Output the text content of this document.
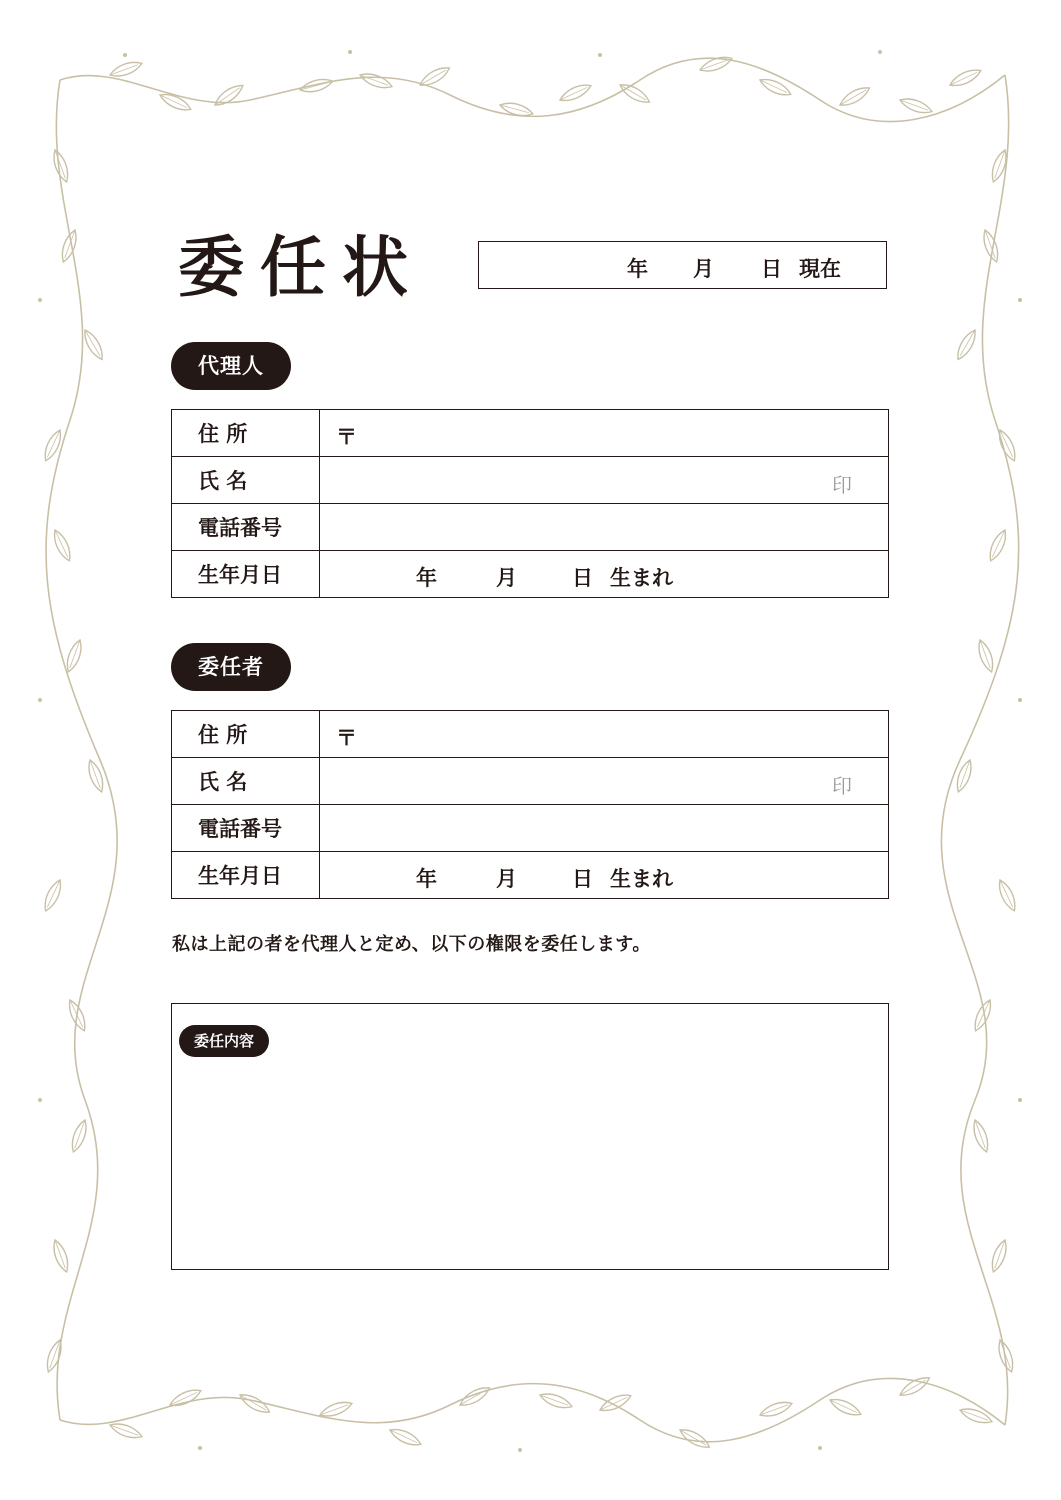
委任状	年 月 日 現在
代理人
住 所	〒

氏 名	印

電話番号	
生年月日	年 月 日 生まれ
委任者
住 所	〒

氏 名	印

電話番号	
生年月日	年 月 日 生まれ
私は上記の者を代理人と定め、以下の権限を委任します。
委任内容
